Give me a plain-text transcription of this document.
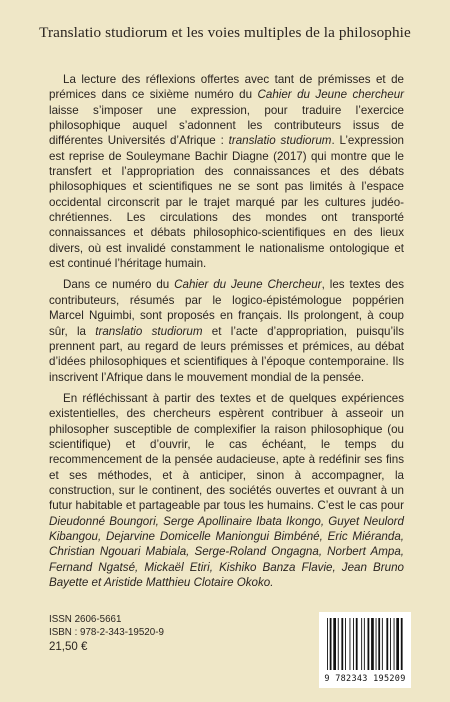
Translatio studiorum et les voies multiples de la philosophie

La lecture des réflexions offertes avec tant de prémisses et de prémices dans ce sixième numéro du Cahier du Jeune chercheur laisse s’imposer une expression, pour traduire l’exercice philosophique auquel s’adonnent les contributeurs issus de différentes Universités d’Afrique : translatio studiorum. L’expression est reprise de Souleymane Bachir Diagne (2017) qui montre que le transfert et l’appropriation des connaissances et des débats philosophiques et scientifiques ne se sont pas limités à l’espace occidental circonscrit par le trajet marqué par les cultures judéo-chrétiennes. Les circulations des mondes ont transporté connaissances et débats philosophico-scientifiques en des lieux divers, où est invalidé constamment le nationalisme ontologique et est continué l’héritage humain.

Dans ce numéro du Cahier du Jeune Chercheur, les textes des contributeurs, résumés par le logico-épistémologue poppérien Marcel Nguimbi, sont proposés en français. Ils prolongent, à coup sûr, la translatio studiorum et l’acte d’appropriation, puisqu’ils prennent part, au regard de leurs prémisses et prémices, au débat d’idées philosophiques et scientifiques à l’époque contemporaine. Ils inscrivent l’Afrique dans le mouvement mondial de la pensée.

En réfléchissant à partir des textes et de quelques expériences existentielles, des chercheurs espèrent contribuer à asseoir un philosopher susceptible de complexifier la raison philosophique (ou scientifique) et d’ouvrir, le cas échéant, le temps du recommencement de la pensée audacieuse, apte à redéfinir ses fins et ses méthodes, et à anticiper, sinon à accompagner, la construction, sur le continent, des sociétés ouvertes et ouvrant à un futur habitable et partageable par tous les humains. C’est le cas pour Dieudonné Boungori, Serge Apollinaire Ibata Ikongo, Guyet Neulord Kibangou, Dejarvine Domicelle Maniongui Bimbéné, Eric Miéranda, Christian Ngouari Mabiala, Serge-Roland Ongagna, Norbert Ampa, Fernand Ngatsé, Mickaël Etiri, Kishiko Banza Flavie, Jean Bruno Bayette et Aristide Matthieu Clotaire Okoko.

ISSN 2606-5661
ISBN : 978-2-343-19520-9
21,50 €
9 782343 195209
